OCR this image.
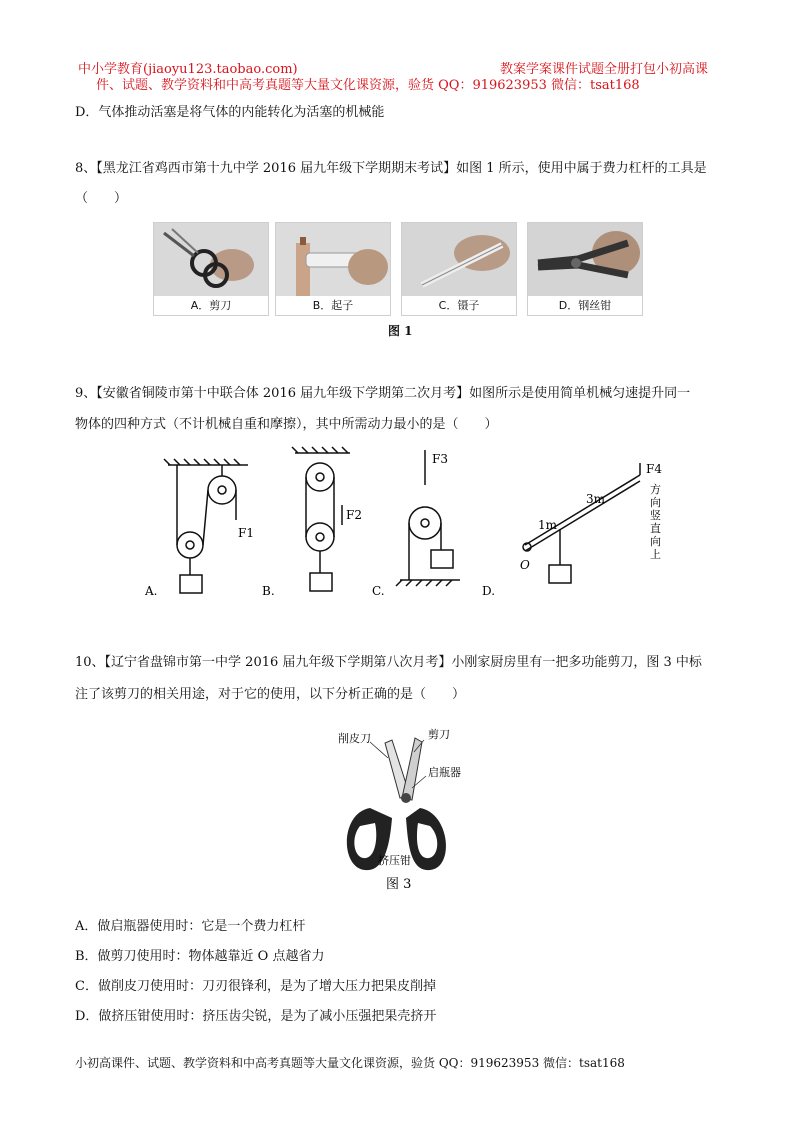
中小学教育(jiaoyu123.taobao.com)	教案学案课件试题全册打包小初高课
件、试题、教学资料和中高考真题等大量文化课资源，验货 QQ：919623953 微信：tsat168
D．气体推动活塞是将气体的内能转化为活塞的机械能
8、【黑龙江省鸡西市第十九中学 2016 届九年级下学期期末考试】如图 1 所示，使用中属于费力杠杆的工具是
（　　）
A．剪刀	B．起子	C．镊子	D．钢丝钳
图 1
9、【安徽省铜陵市第十中联合体 2016 届九年级下学期第二次月考】如图所示是使用简单机械匀速提升同一
物体的四种方式（不计机械自重和摩擦），其中所需动力最小的是（　　）
F1
F2
F3
F4
3m
1m
O
方
向
竖
直
向
上
A.	B.	C.	D.
10、【辽宁省盘锦市第一中学 2016 届九年级下学期第八次月考】小刚家厨房里有一把多功能剪刀，图 3 中标
注了该剪刀的相关用途，对于它的使用，以下分析正确的是（　　）
削皮刀	剪刀
启瓶器
挤压钳
图 3
A．做启瓶器使用时：它是一个费力杠杆
B．做剪刀使用时：物体越靠近 O 点越省力
C．做削皮刀使用时：刀刃很锋利，是为了增大压力把果皮削掉
D．做挤压钳使用时：挤压齿尖锐，是为了减小压强把果壳挤开
小初高课件、试题、教学资料和中高考真题等大量文化课资源，验货 QQ：919623953 微信：tsat168
